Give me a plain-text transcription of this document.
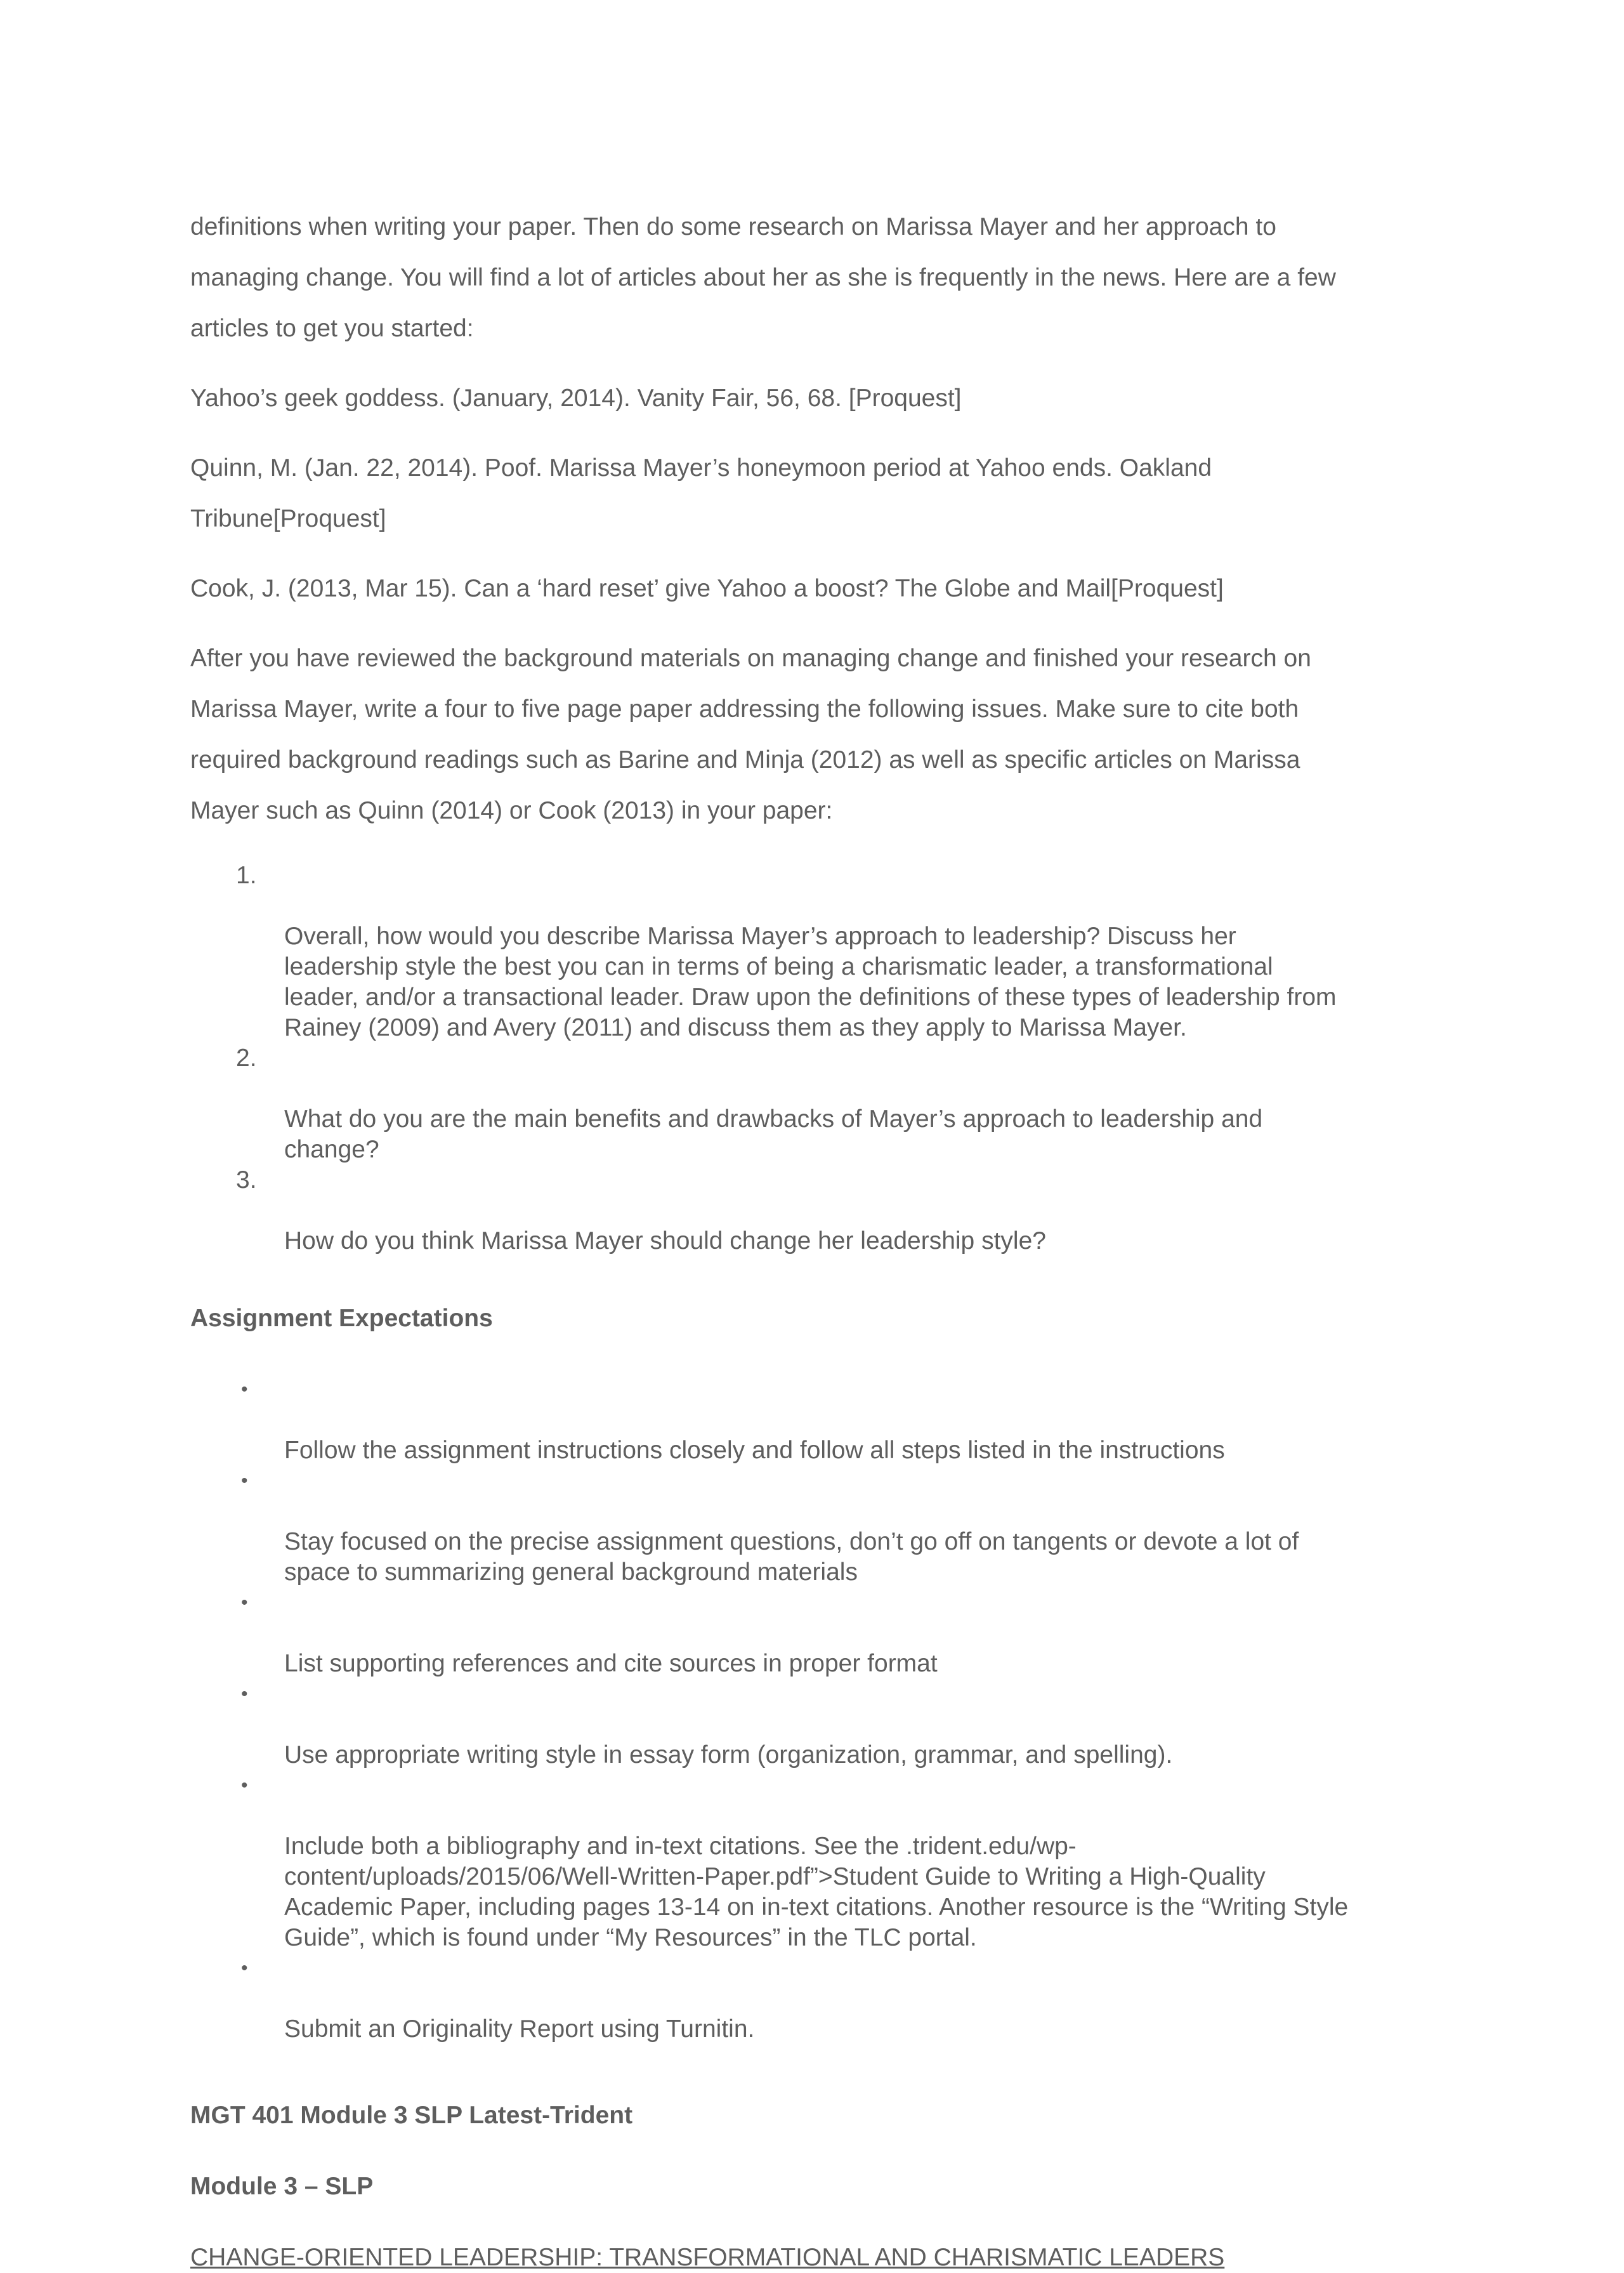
definitions when writing your paper. Then do some research on Marissa Mayer and her approach to
managing change. You will find a lot of articles about her as she is frequently in the news. Here are a few
articles to get you started:

Yahoo’s geek goddess. (January, 2014). Vanity Fair, 56, 68. [Proquest]

Quinn, M. (Jan. 22, 2014). Poof. Marissa Mayer’s honeymoon period at Yahoo ends. Oakland
Tribune[Proquest]

Cook, J. (2013, Mar 15). Can a ‘hard reset’ give Yahoo a boost? The Globe and Mail[Proquest]

After you have reviewed the background materials on managing change and finished your research on
Marissa Mayer, write a four to five page paper addressing the following issues. Make sure to cite both
required background readings such as Barine and Minja (2012) as well as specific articles on Marissa
Mayer such as Quinn (2014) or Cook (2013) in your paper:

1.

Overall, how would you describe Marissa Mayer’s approach to leadership? Discuss her
leadership style the best you can in terms of being a charismatic leader, a transformational
leader, and/or a transactional leader. Draw upon the definitions of these types of leadership from
Rainey (2009) and Avery (2011) and discuss them as they apply to Marissa Mayer.

2.

What do you are the main benefits and drawbacks of Mayer’s approach to leadership and
change?

3.

How do you think Marissa Mayer should change her leadership style?

Assignment Expectations

•

Follow the assignment instructions closely and follow all steps listed in the instructions

•

Stay focused on the precise assignment questions, don’t go off on tangents or devote a lot of
space to summarizing general background materials

•

List supporting references and cite sources in proper format

•

Use appropriate writing style in essay form (organization, grammar, and spelling).

•

Include both a bibliography and in-text citations. See the .trident.edu/wp-
content/uploads/2015/06/Well-Written-Paper.pdf”>Student Guide to Writing a High-Quality
Academic Paper, including pages 13-14 on in-text citations. Another resource is the “Writing Style
Guide”, which is found under “My Resources” in the TLC portal.

•

Submit an Originality Report using Turnitin.

MGT 401 Module 3 SLP Latest-Trident
Module 3 – SLP
CHANGE-ORIENTED LEADERSHIP: TRANSFORMATIONAL AND CHARISMATIC LEADERS
